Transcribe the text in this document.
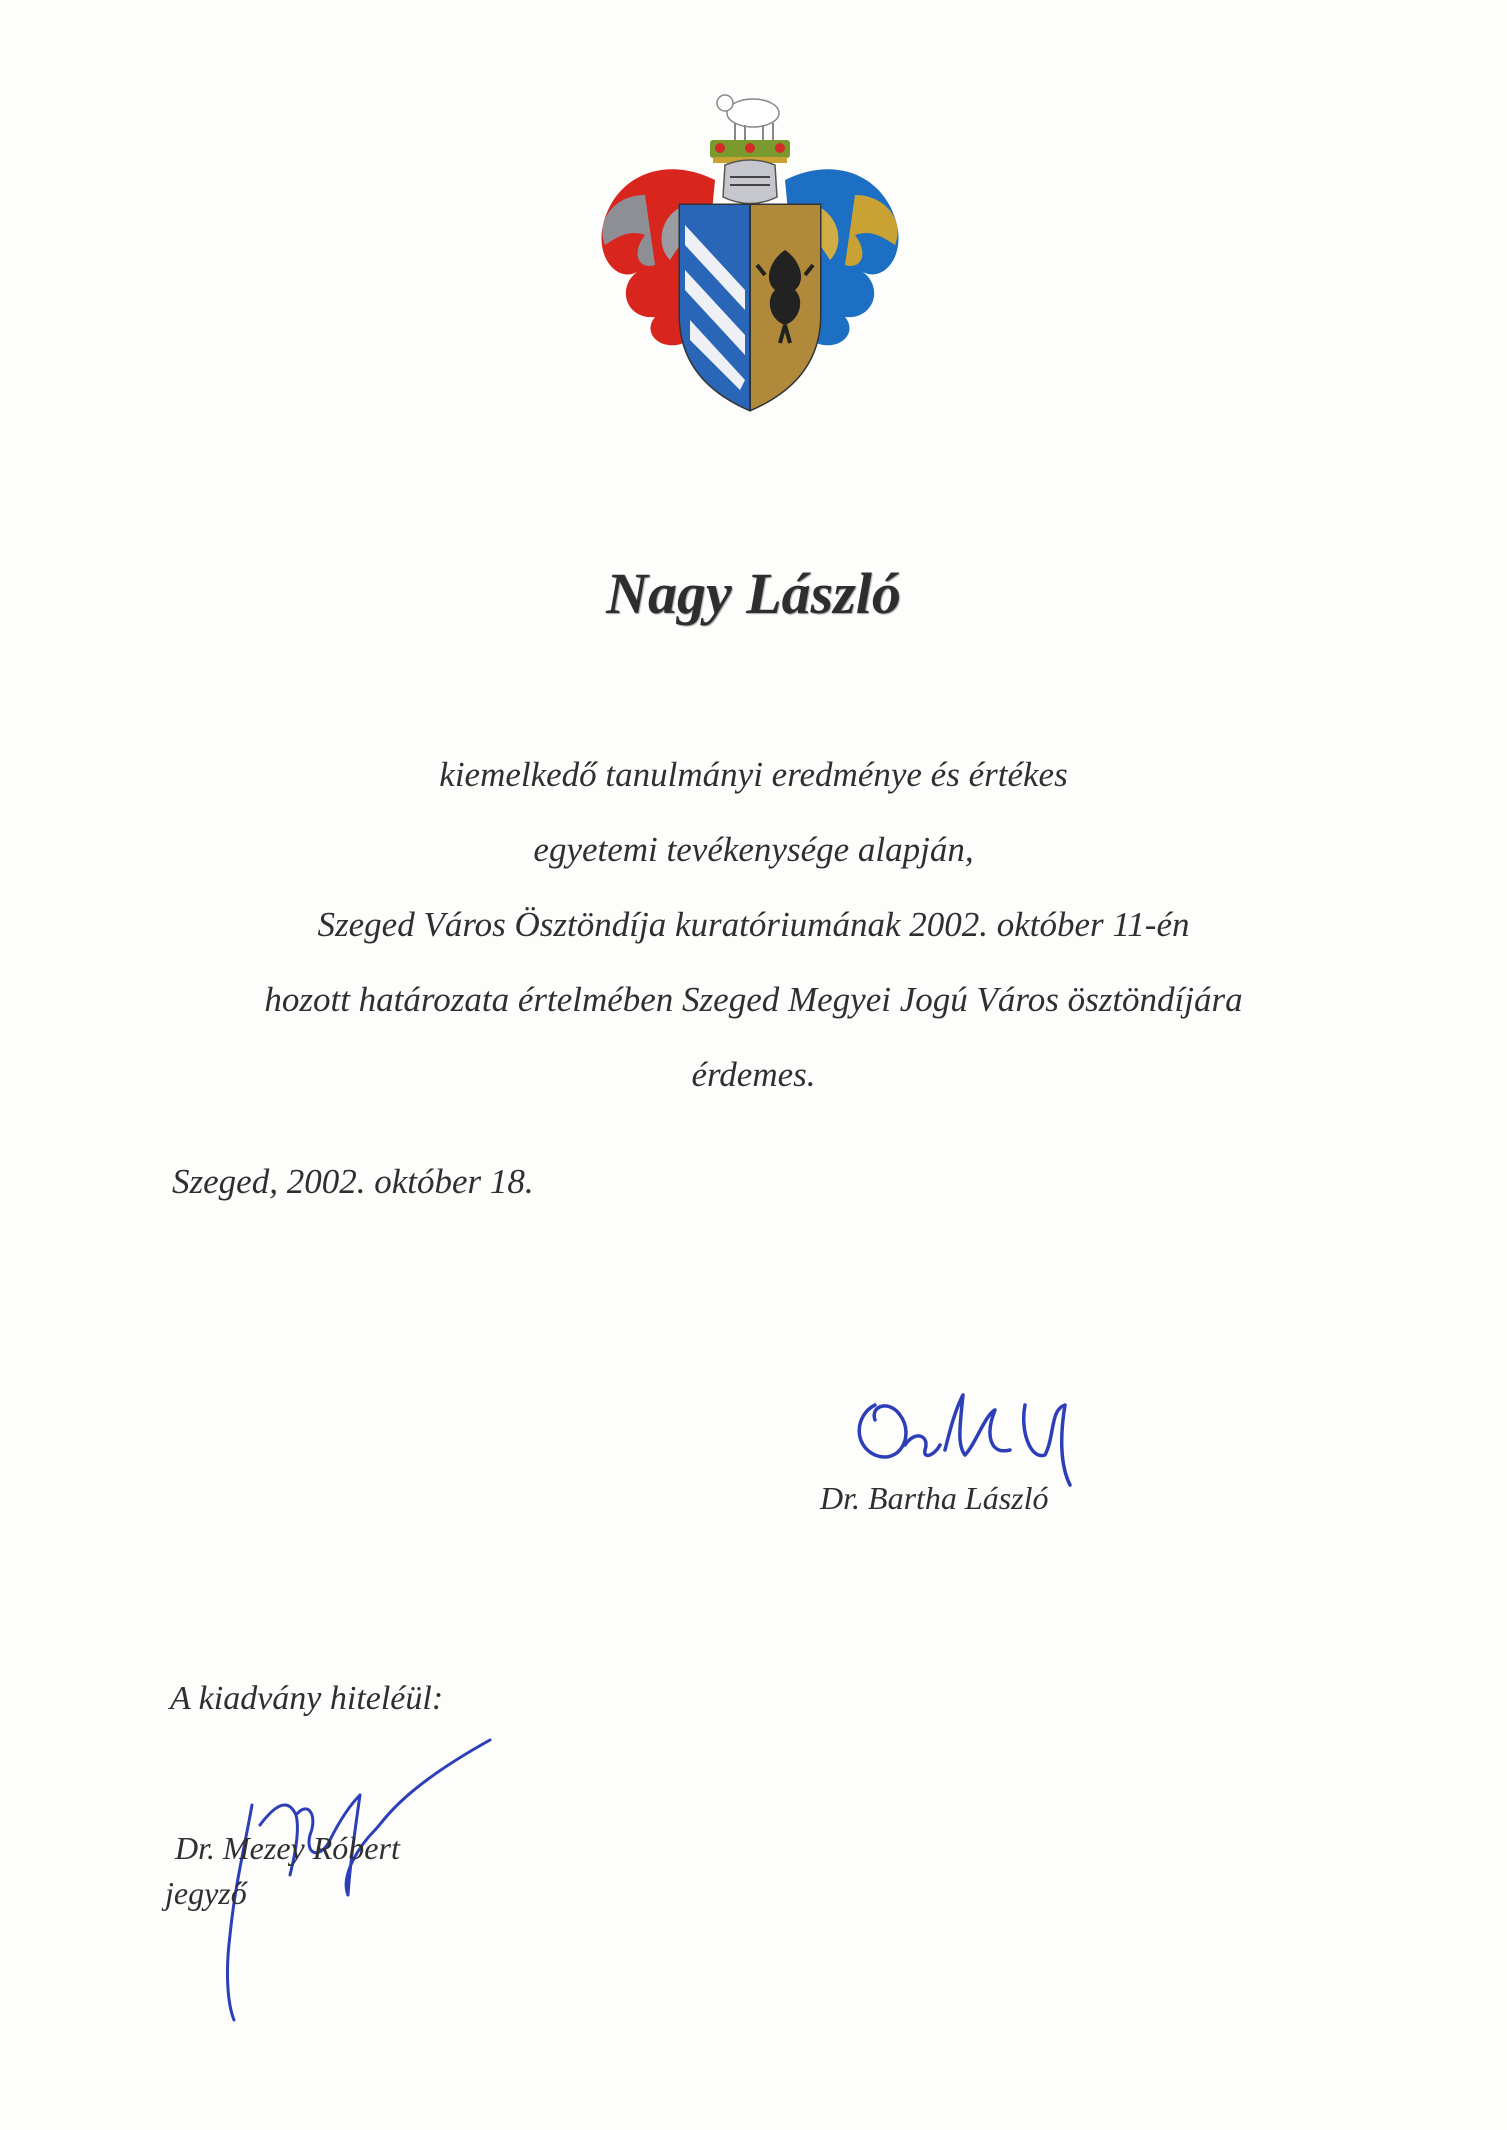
Nagy László
kiemelkedő tanulmányi eredménye és értékes
egyetemi tevékenysége alapján,
Szeged Város Ösztöndíja kuratóriumának 2002. október 11-én
hozott határozata értelmében Szeged Megyei Jogú Város ösztöndíjára
érdemes.
Szeged, 2002. október 18.
Dr. Bartha László
A kiadvány hiteléül:
Dr. Mezey Róbert
jegyző
